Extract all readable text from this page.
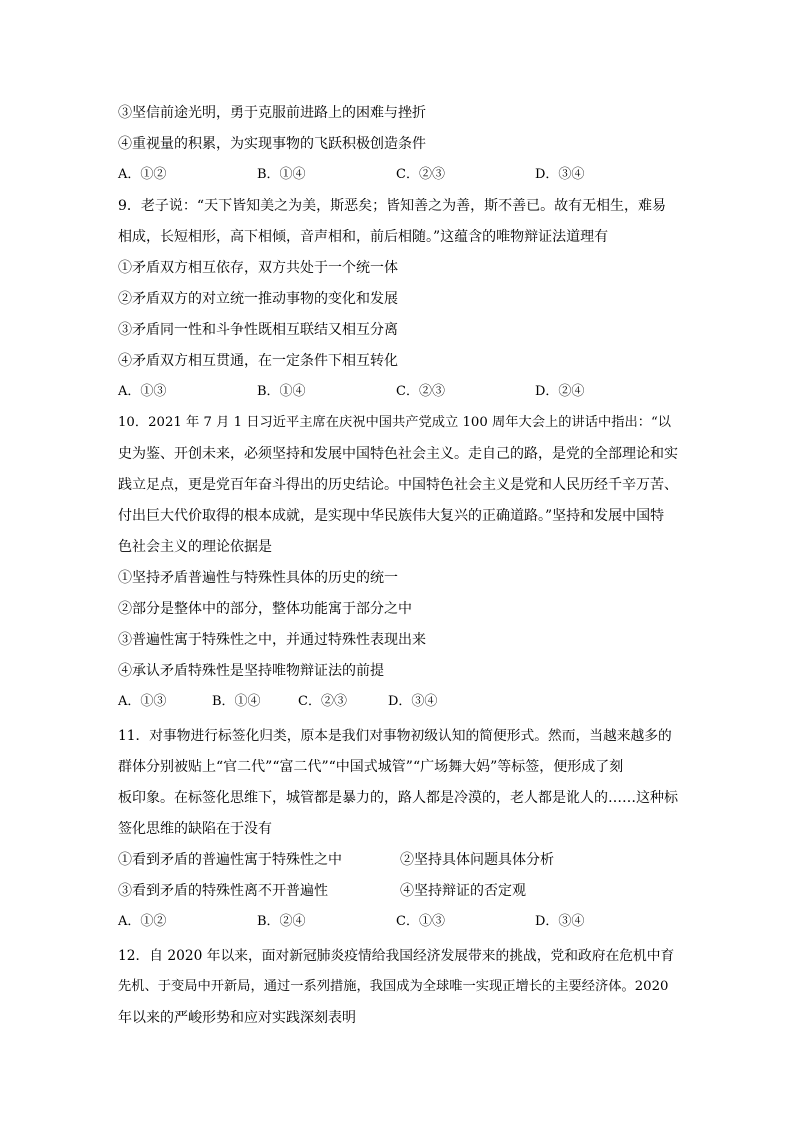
③坚信前途光明，勇于克服前进路上的困难与挫折
④重视量的积累，为实现事物的飞跃积极创造条件
A．①②	B．①④	C．②③	D．③④
9．老子说：“天下皆知美之为美，斯恶矣；皆知善之为善，斯不善已。故有无相生，难易
相成，长短相形，高下相倾，音声相和，前后相随。”这蕴含的唯物辩证法道理有
①矛盾双方相互依存，双方共处于一个统一体
②矛盾双方的对立统一推动事物的变化和发展
③矛盾同一性和斗争性既相互联结又相互分离
④矛盾双方相互贯通，在一定条件下相互转化
A．①③	B．①④	C．②③	D．②④
10．2021 年 7 月 1 日习近平主席在庆祝中国共产党成立 100 周年大会上的讲话中指出：“以
史为鉴、开创未来，必须坚持和发展中国特色社会主义。走自己的路，是党的全部理论和实
践立足点，更是党百年奋斗得出的历史结论。中国特色社会主义是党和人民历经千辛万苦、
付出巨大代价取得的根本成就，是实现中华民族伟大复兴的正确道路。”坚持和发展中国特
色社会主义的理论依据是
①坚持矛盾普遍性与特殊性具体的历史的统一
②部分是整体中的部分，整体功能寓于部分之中
③普遍性寓于特殊性之中，并通过特殊性表现出来
④承认矛盾特殊性是坚持唯物辩证法的前提
A．①③	B．①④	C．②③	D．③④
11．对事物进行标签化归类，原本是我们对事物初级认知的简便形式。然而，当越来越多的
群体分别被贴上“官二代”“富二代”“中国式城管”“广场舞大妈”等标签，便形成了刻
板印象。在标签化思维下，城管都是暴力的，路人都是冷漠的，老人都是讹人的……这种标
签化思维的缺陷在于没有
①看到矛盾的普遍性寓于特殊性之中	②坚持具体问题具体分析
③看到矛盾的特殊性离不开普遍性	④坚持辩证的否定观
A．①②	B．②④	C．①③	D．③④
12．自 2020 年以来，面对新冠肺炎疫情给我国经济发展带来的挑战，党和政府在危机中育
先机、于变局中开新局，通过一系列措施，我国成为全球唯一实现正增长的主要经济体。2020
年以来的严峻形势和应对实践深刻表明
